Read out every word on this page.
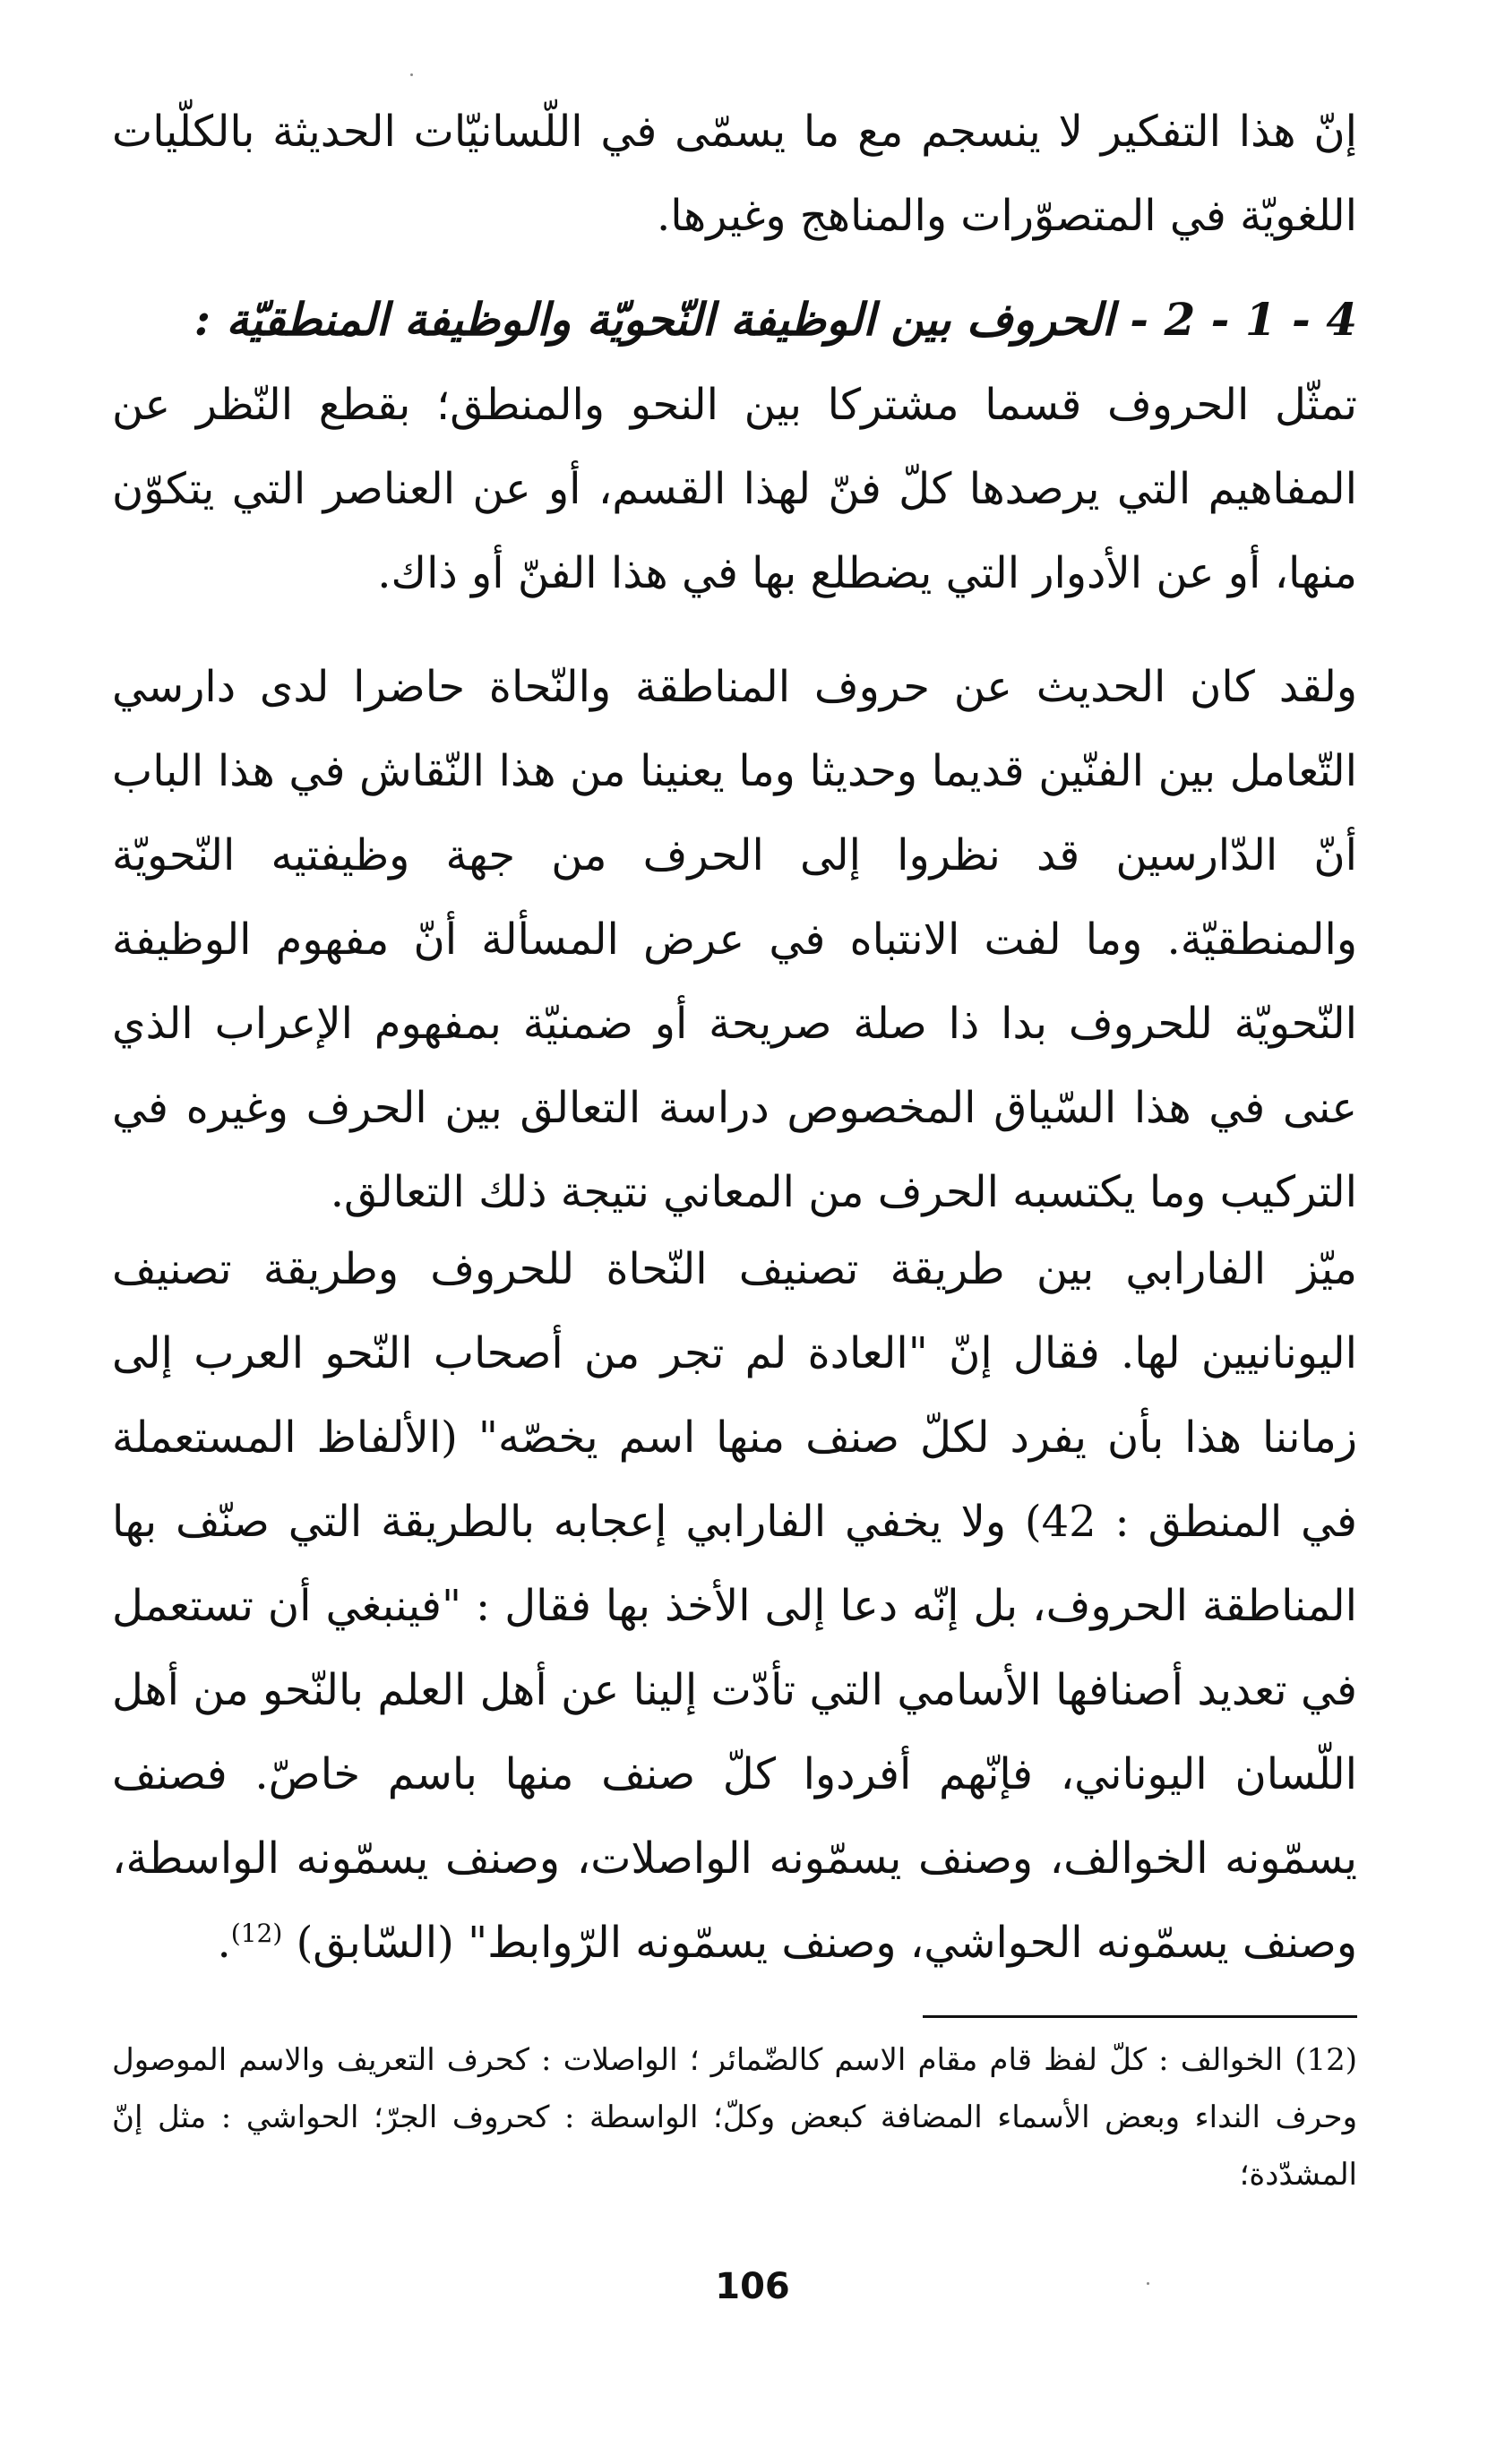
إنّ هذا التفكير لا ينسجم مع ما يسمّى في اللّسانيّات الحديثة بالكلّيات اللغويّة في المتصوّرات والمناهج وغيرها.

4 - 1 - 2 - الحروف بين الوظيفة النّحويّة والوظيفة المنطقيّة :

تمثّل الحروف قسما مشتركا بين النحو والمنطق؛ بقطع النّظر عن المفاهيم التي يرصدها كلّ فنّ لهذا القسم، أو عن العناصر التي يتكوّن منها، أو عن الأدوار التي يضطلع بها في هذا الفنّ أو ذاك.

ولقد كان الحديث عن حروف المناطقة والنّحاة حاضرا لدى دارسي التّعامل بين الفنّين قديما وحديثا وما يعنينا من هذا النّقاش في هذا الباب أنّ الدّارسين قد نظروا إلى الحرف من جهة وظيفتيه النّحويّة والمنطقيّة. وما لفت الانتباه في عرض المسألة أنّ مفهوم الوظيفة النّحويّة للحروف بدا ذا صلة صريحة أو ضمنيّة بمفهوم الإعراب الذي عنى في هذا السّياق المخصوص دراسة التعالق بين الحرف وغيره في التركيب وما يكتسبه الحرف من المعاني نتيجة ذلك التعالق.

ميّز الفارابي بين طريقة تصنيف النّحاة للحروف وطريقة تصنيف اليونانيين لها. فقال إنّ "العادة لم تجر من أصحاب النّحو العرب إلى زماننا هذا بأن يفرد لكلّ صنف منها اسم يخصّه" (الألفاظ المستعملة في المنطق : 42) ولا يخفي الفارابي إعجابه بالطريقة التي صنّف بها المناطقة الحروف، بل إنّه دعا إلى الأخذ بها فقال : "فينبغي أن تستعمل في تعديد أصنافها الأسامي التي تأدّت إلينا عن أهل العلم بالنّحو من أهل اللّسان اليوناني، فإنّهم أفردوا كلّ صنف منها باسم خاصّ. فصنف يسمّونه الخوالف، وصنف يسمّونه الواصلات، وصنف يسمّونه الواسطة، وصنف يسمّونه الحواشي، وصنف يسمّونه الرّوابط" (السّابق) $^{(12)}$.

(12) الخوالف : كلّ لفظ قام مقام الاسم كالضّمائر ؛ الواصلات : كحرف التعريف والاسم الموصول وحرف النداء وبعض الأسماء المضافة كبعض وكلّ؛ الواسطة : كحروف الجرّ؛ الحواشي : مثل إنّ المشدّدة؛
106
